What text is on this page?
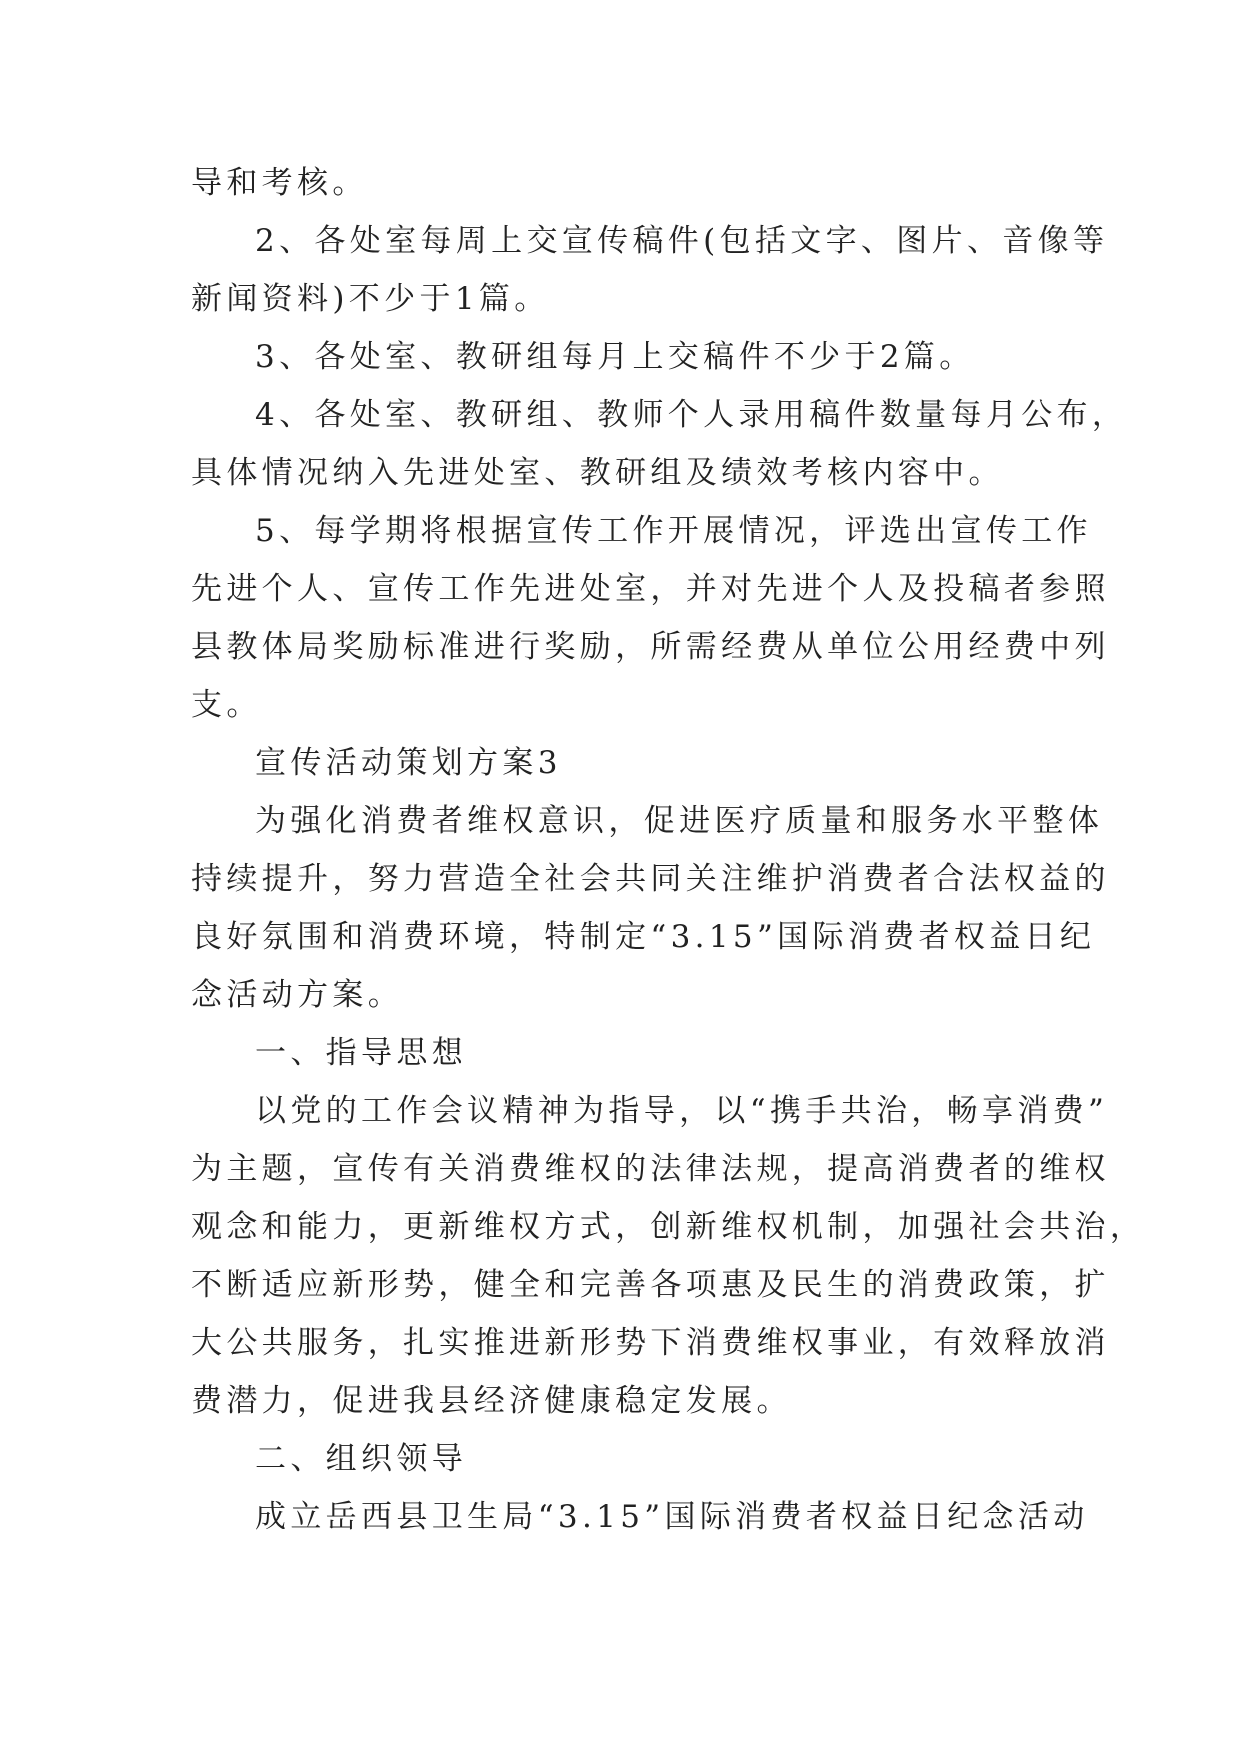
导和考核。
2、各处室每周上交宣传稿件(包括文字、图片、音像等
新闻资料)不少于1篇。
3、各处室、教研组每月上交稿件不少于2篇。
4、各处室、教研组、教师个人录用稿件数量每月公布，
具体情况纳入先进处室、教研组及绩效考核内容中。
5、每学期将根据宣传工作开展情况，评选出宣传工作
先进个人、宣传工作先进处室，并对先进个人及投稿者参照
县教体局奖励标准进行奖励，所需经费从单位公用经费中列
支。
宣传活动策划方案3
为强化消费者维权意识，促进医疗质量和服务水平整体
持续提升，努力营造全社会共同关注维护消费者合法权益的
良好氛围和消费环境，特制定“3.15”国际消费者权益日纪
念活动方案。
一、指导思想
以党的工作会议精神为指导，以“携手共治，畅享消费”
为主题，宣传有关消费维权的法律法规，提高消费者的维权
观念和能力，更新维权方式，创新维权机制，加强社会共治，
不断适应新形势，健全和完善各项惠及民生的消费政策，扩
大公共服务，扎实推进新形势下消费维权事业，有效释放消
费潜力，促进我县经济健康稳定发展。
二、组织领导
成立岳西县卫生局“3.15”国际消费者权益日纪念活动
